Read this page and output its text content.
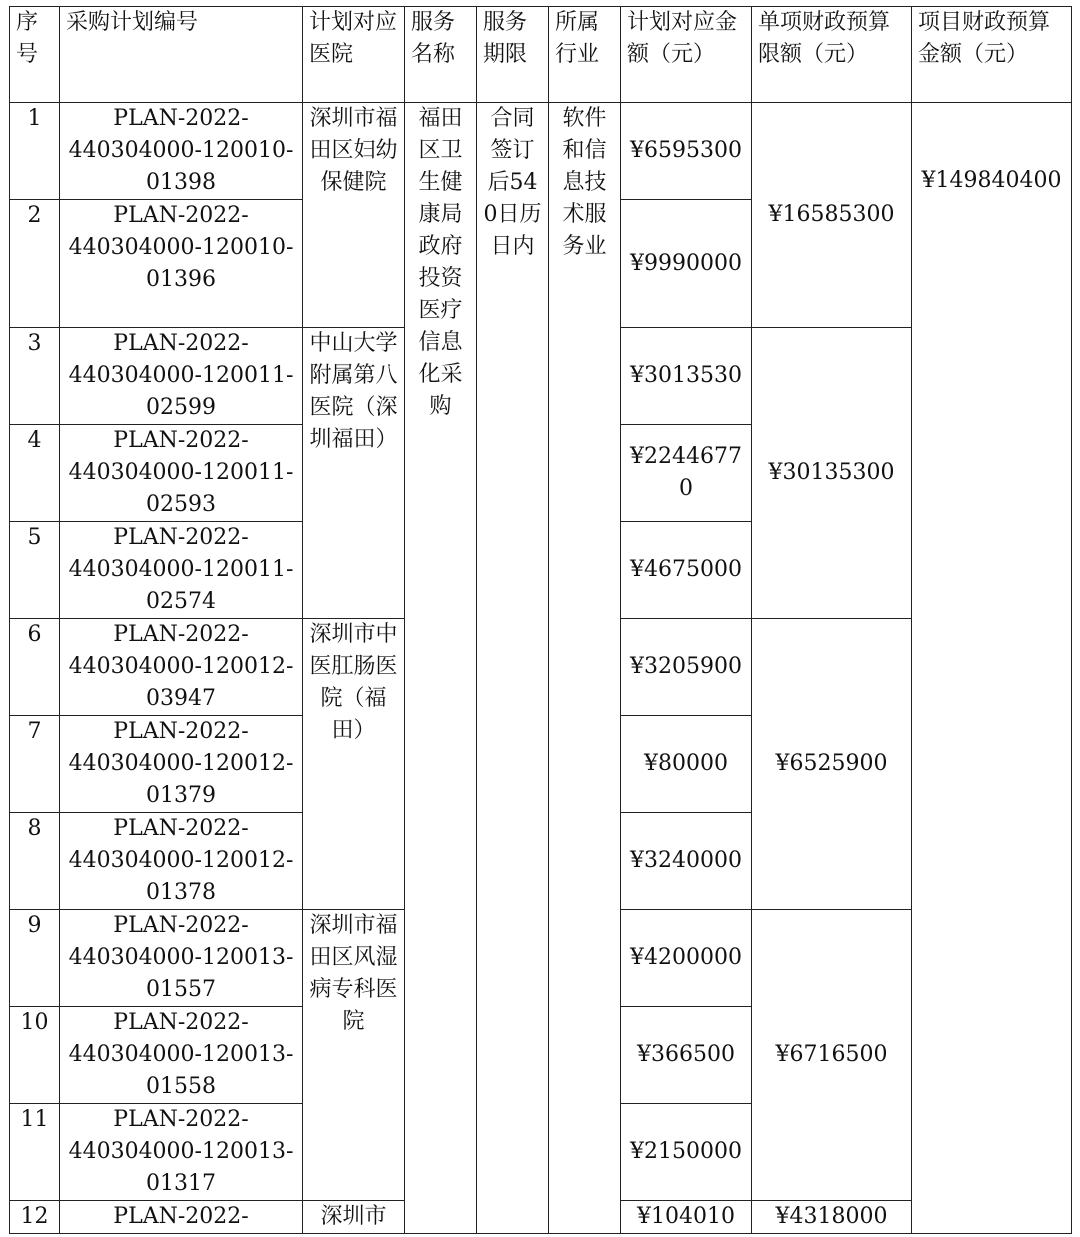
序号	采购计划编号	计划对应医院	服务名称	服务期限	所属行业	计划对应金额（元）	单项财政预算限额（元）	项目财政预算金额（元）

1	PLAN-2022-
440304000-120010-
01398	深圳市福田区妇幼保健院	福田区卫生健康局政府投资医疗信息化采购	合同签订后540日历日内	软件和信息技术服务业	¥6595300	¥16585300	¥149840400
2	PLAN-2022-
440304000-120010-
01396					¥9990000		

3	PLAN-2022-
440304000-120011-
02599	中山大学附属第八医院（深圳福田）				¥3013530	¥30135300	
4	PLAN-2022-
440304000-120011-
02593					¥22446770		

5	PLAN-2022-
440304000-120011-
02574					¥4675000		

6	PLAN-2022-
440304000-120012-
03947	深圳市中医肛肠医院（福田）				¥3205900	¥6525900	
7	PLAN-2022-
440304000-120012-
01379					¥80000		

8	PLAN-2022-
440304000-120012-
01378					¥3240000		

9	PLAN-2022-
440304000-120013-
01557	深圳市福田区风湿病专科医院				¥4200000	¥6716500	
10	PLAN-2022-
440304000-120013-
01558					¥366500		

11	PLAN-2022-
440304000-120013-
01317					¥2150000		

12	PLAN-2022-	深圳市				¥104010	¥4318000	
